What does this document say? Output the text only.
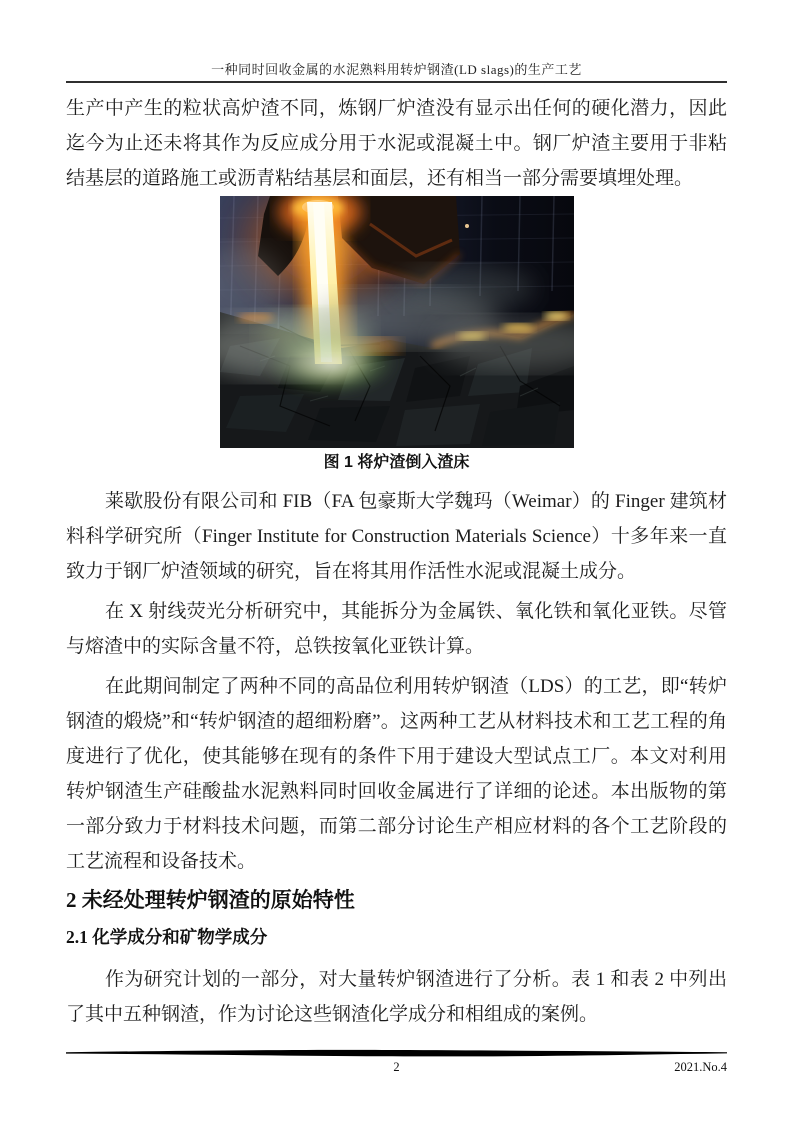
一种同时回收金属的水泥熟料用转炉钢渣(LD slags)的生产工艺

生产中产生的粒状高炉渣不同，炼钢厂炉渣没有显示出任何的硬化潜力，因此迄今为止还未将其作为反应成分用于水泥或混凝土中。钢厂炉渣主要用于非粘结基层的道路施工或沥青粘结基层和面层，还有相当一部分需要填埋处理。

图 1 将炉渣倒入渣床

莱歇股份有限公司和 FIB（FA 包豪斯大学魏玛（Weimar）的 Finger 建筑材料科学研究所（Finger Institute for Construction Materials Science）十多年来一直致力于钢厂炉渣领域的研究，旨在将其用作活性水泥或混凝土成分。

在 X 射线荧光分析研究中，其能拆分为金属铁、氧化铁和氧化亚铁。尽管与熔渣中的实际含量不符，总铁按氧化亚铁计算。

在此期间制定了两种不同的高品位利用转炉钢渣（LDS）的工艺，即“转炉钢渣的煅烧”和“转炉钢渣的超细粉磨”。这两种工艺从材料技术和工艺工程的角度进行了优化，使其能够在现有的条件下用于建设大型试点工厂。本文对利用转炉钢渣生产硅酸盐水泥熟料同时回收金属进行了详细的论述。本出版物的第一部分致力于材料技术问题，而第二部分讨论生产相应材料的各个工艺阶段的工艺流程和设备技术。

2 未经处理转炉钢渣的原始特性
2.1 化学成分和矿物学成分

作为研究计划的一部分，对大量转炉钢渣进行了分析。表 1 和表 2 中列出了其中五种钢渣，作为讨论这些钢渣化学成分和相组成的案例。

2	2021.No.4
